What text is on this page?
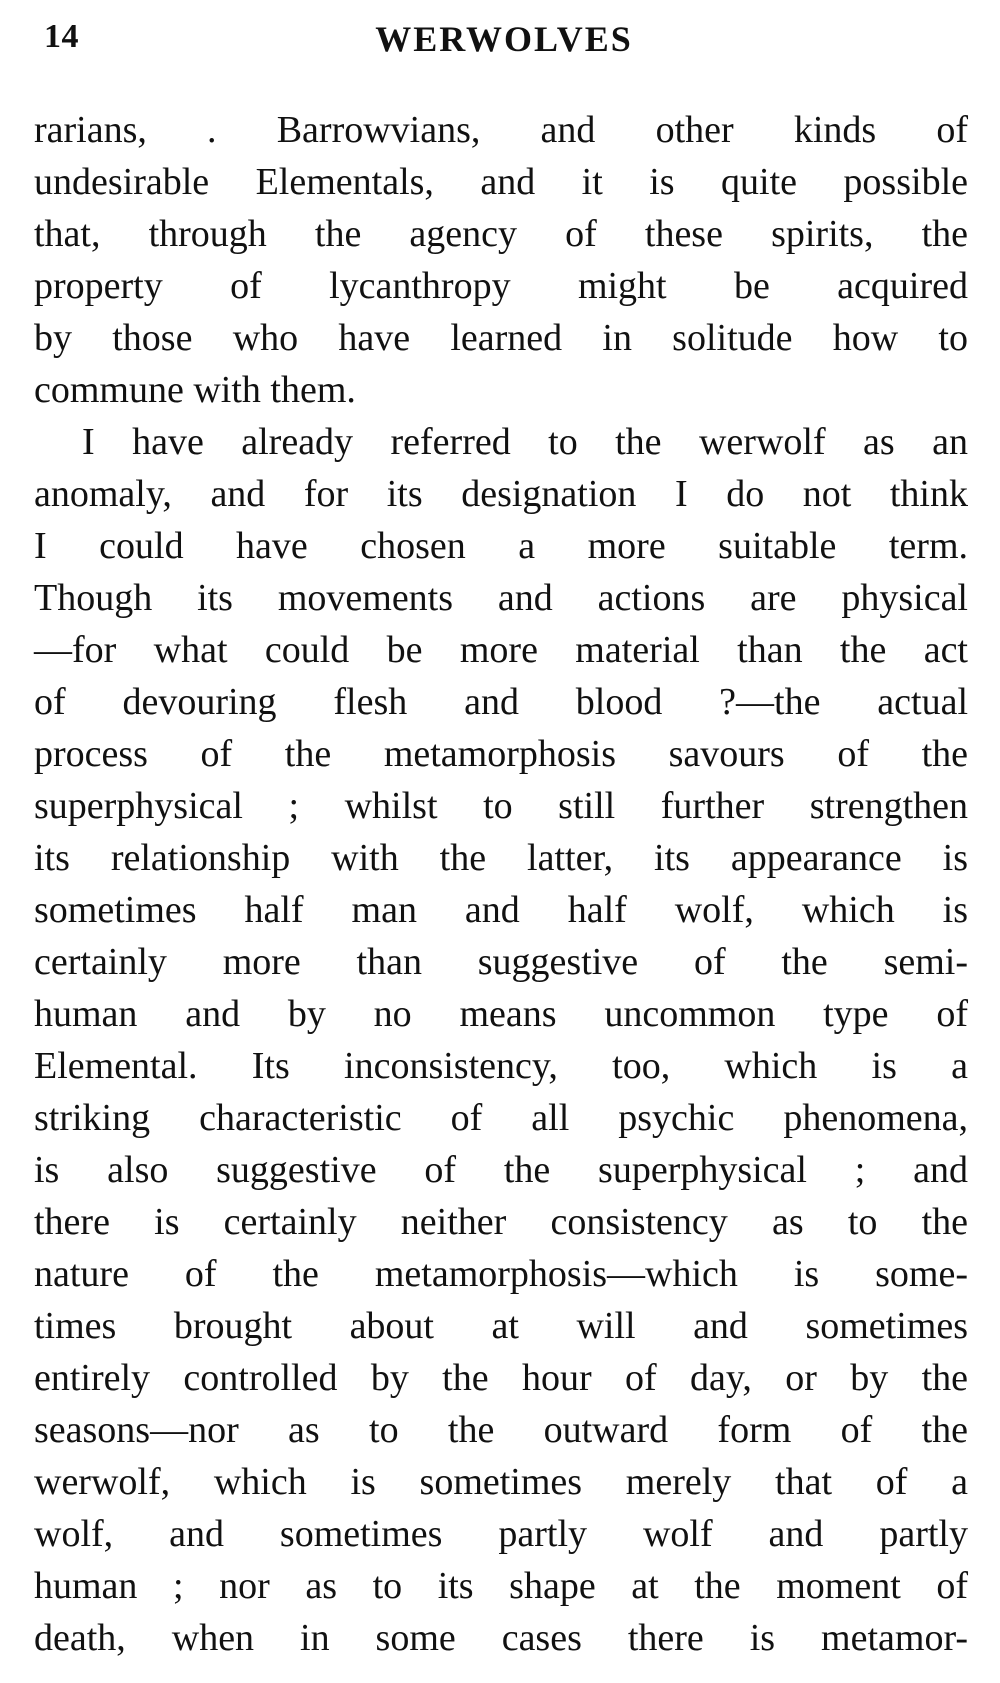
14	WERWOLVES
rarians, . Barrowvians, and other kinds of
undesirable Elementals, and it is quite possible
that, through the agency of these spirits, the
property of lycanthropy might be acquired
by those who have learned in solitude how to
commune with them.
I have already referred to the werwolf as an
anomaly, and for its designation I do not think
I could have chosen a more suitable term.
Though its movements and actions are physical
—for what could be more material than the act
of devouring flesh and blood ?—the actual
process of the metamorphosis savours of the
superphysical ; whilst to still further strengthen
its relationship with the latter, its appearance is
sometimes half man and half wolf, which is
certainly more than suggestive of the semi-
human and by no means uncommon type of
Elemental. Its inconsistency, too, which is a
striking characteristic of all psychic phenomena,
is also suggestive of the superphysical ; and
there is certainly neither consistency as to the
nature of the metamorphosis—which is some-
times brought about at will and sometimes
entirely controlled by the hour of day, or by the
seasons—nor as to the outward form of the
werwolf, which is sometimes merely that of a
wolf, and sometimes partly wolf and partly
human ; nor as to its shape at the moment of
death, when in some cases there is metamor-
